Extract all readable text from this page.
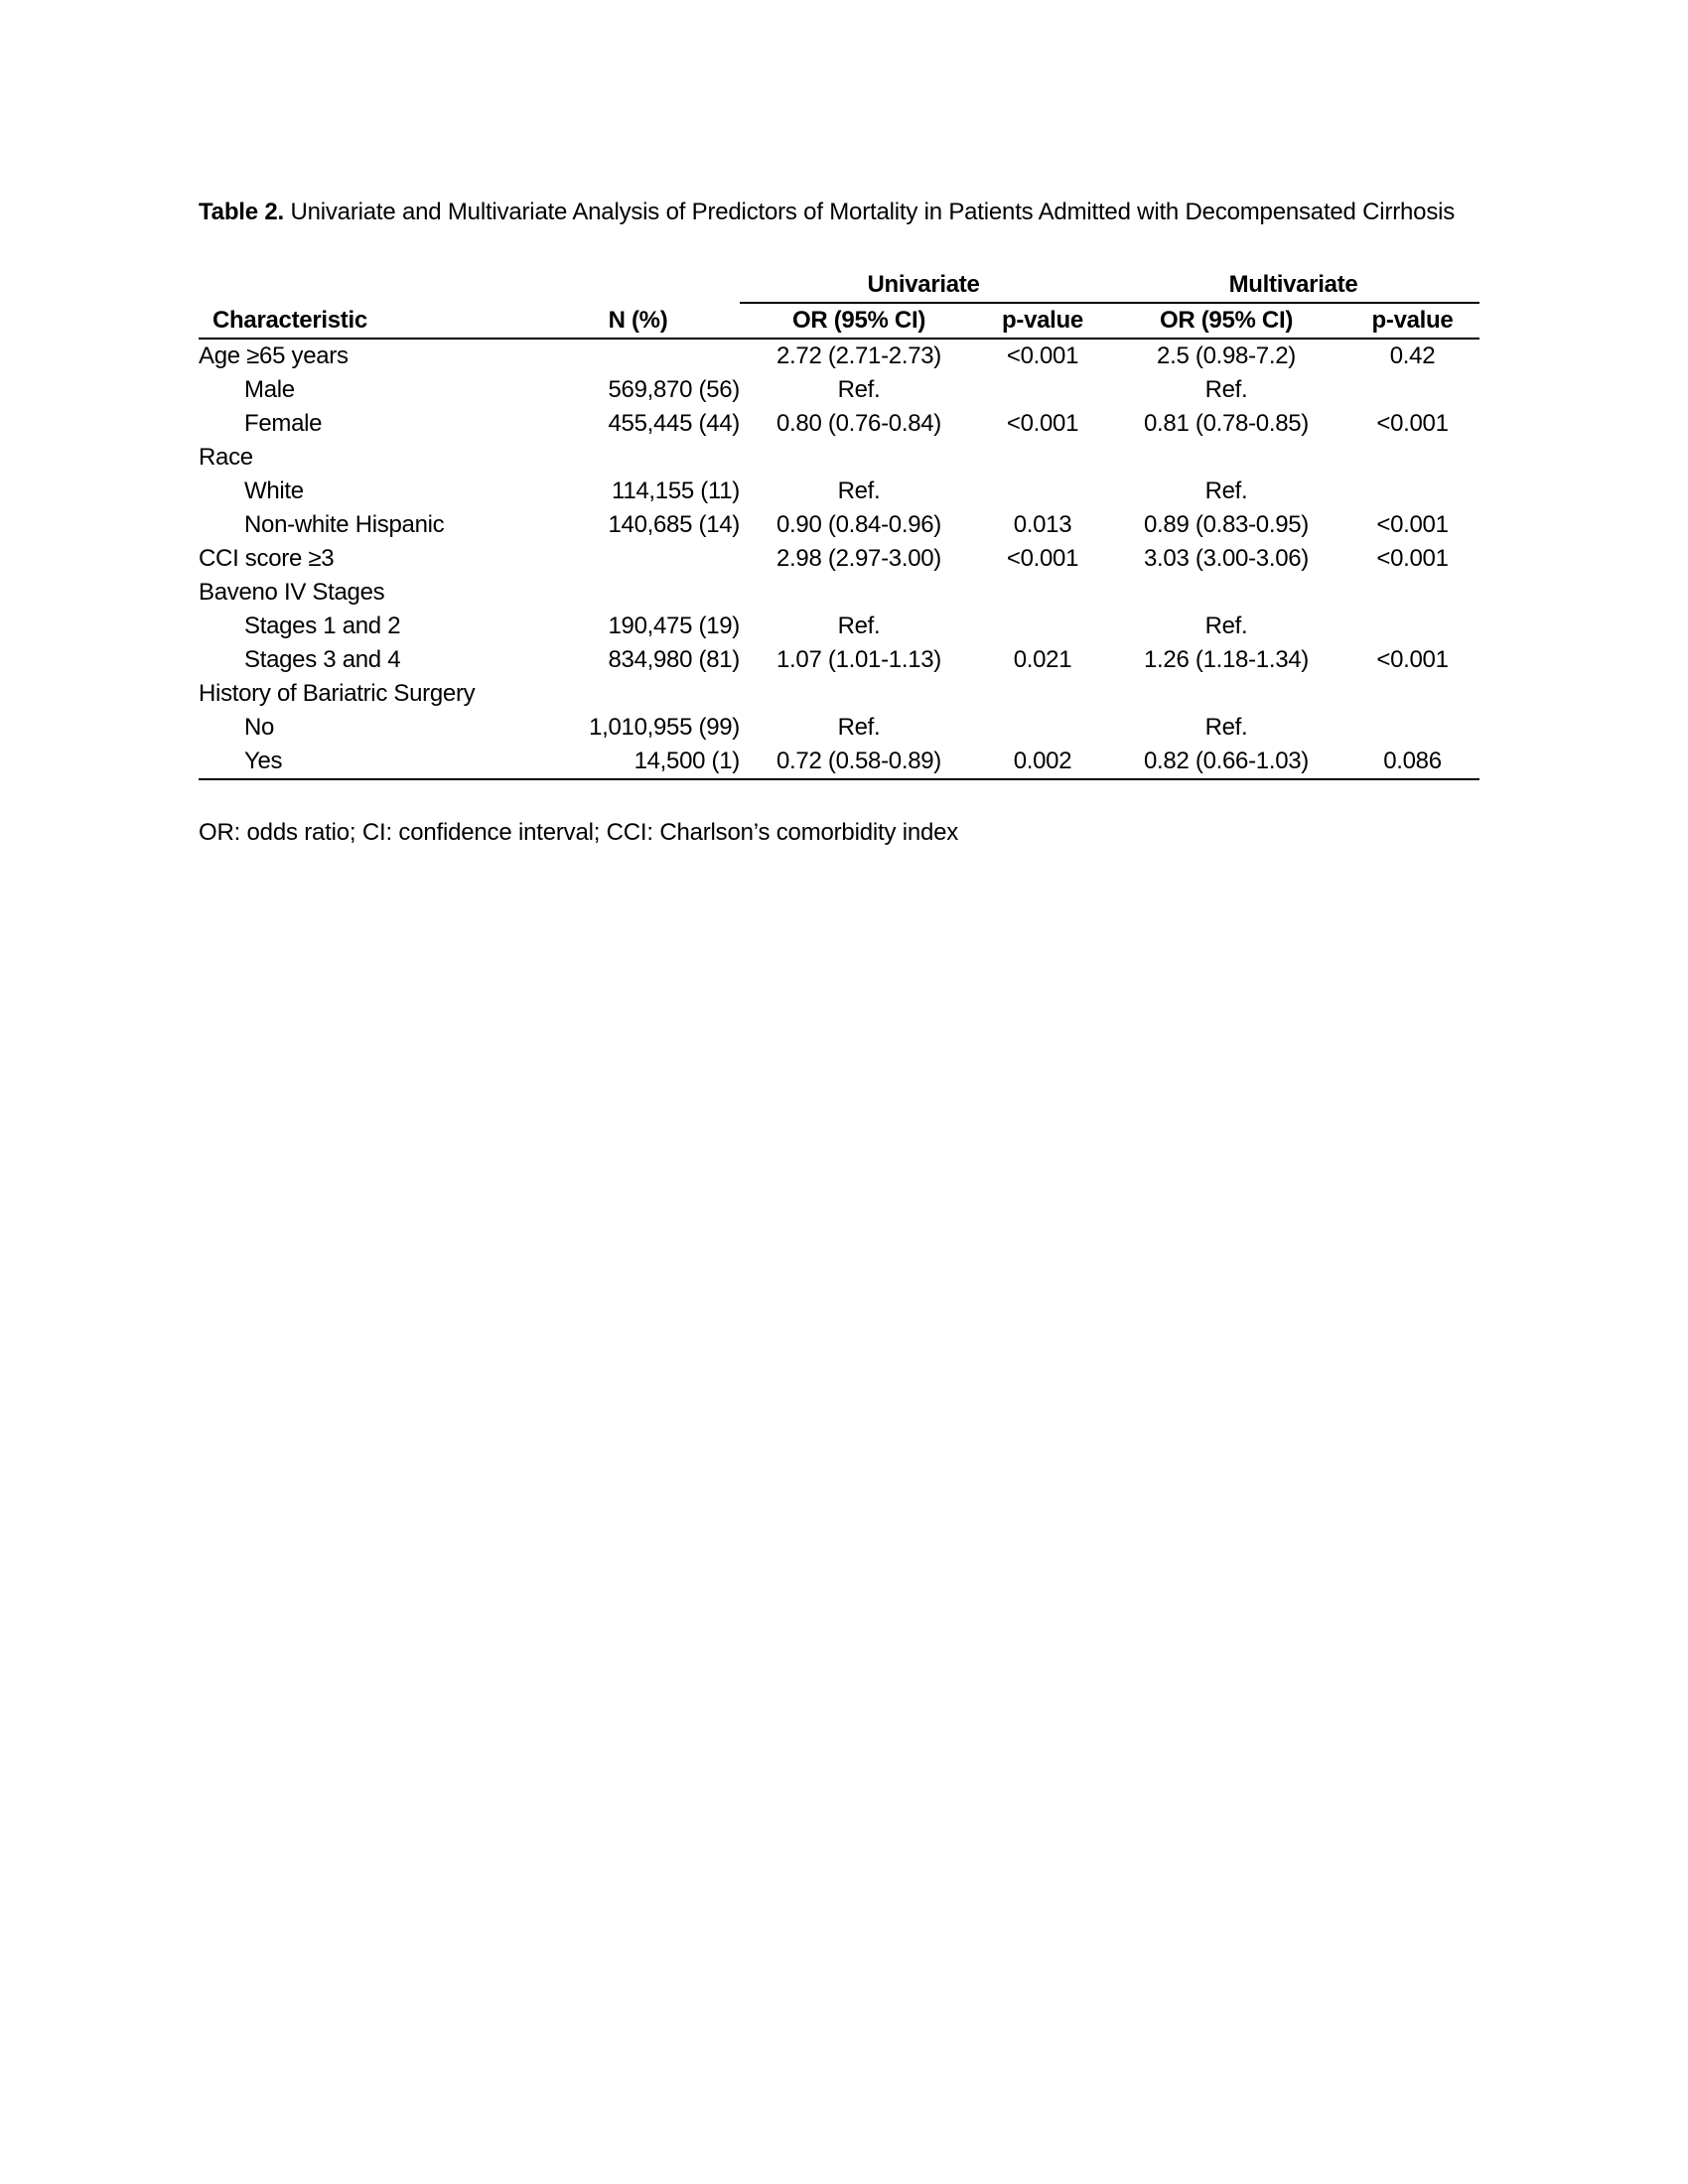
Table 2. Univariate and Multivariate Analysis of Predictors of Mortality in Patients Admitted with Decompensated Cirrhosis
		Univariate		Multivariate	
Characteristic	N (%)	OR (95% CI)	p-value	OR (95% CI)	p-value
Age ≥65 years		2.72 (2.71-2.73)	<0.001	2.5 (0.98-7.2)	0.42
Male	569,870 (56)	Ref.		Ref.	
Female	455,445 (44)	0.80 (0.76-0.84)	<0.001	0.81 (0.78-0.85)	<0.001
Race					
White	114,155 (11)	Ref.		Ref.	
Non-white Hispanic	140,685 (14)	0.90 (0.84-0.96)	0.013	0.89 (0.83-0.95)	<0.001
CCI score ≥3		2.98 (2.97-3.00)	<0.001	3.03 (3.00-3.06)	<0.001
Baveno IV Stages					
Stages 1 and 2	190,475 (19)	Ref.		Ref.	
Stages 3 and 4	834,980 (81)	1.07 (1.01-1.13)	0.021	1.26 (1.18-1.34)	<0.001
History of Bariatric Surgery					
No	1,010,955 (99)	Ref.		Ref.	
Yes	14,500 (1)	0.72 (0.58-0.89)	0.002	0.82 (0.66-1.03)	0.086
OR: odds ratio; CI: confidence interval; CCI: Charlson’s comorbidity index
